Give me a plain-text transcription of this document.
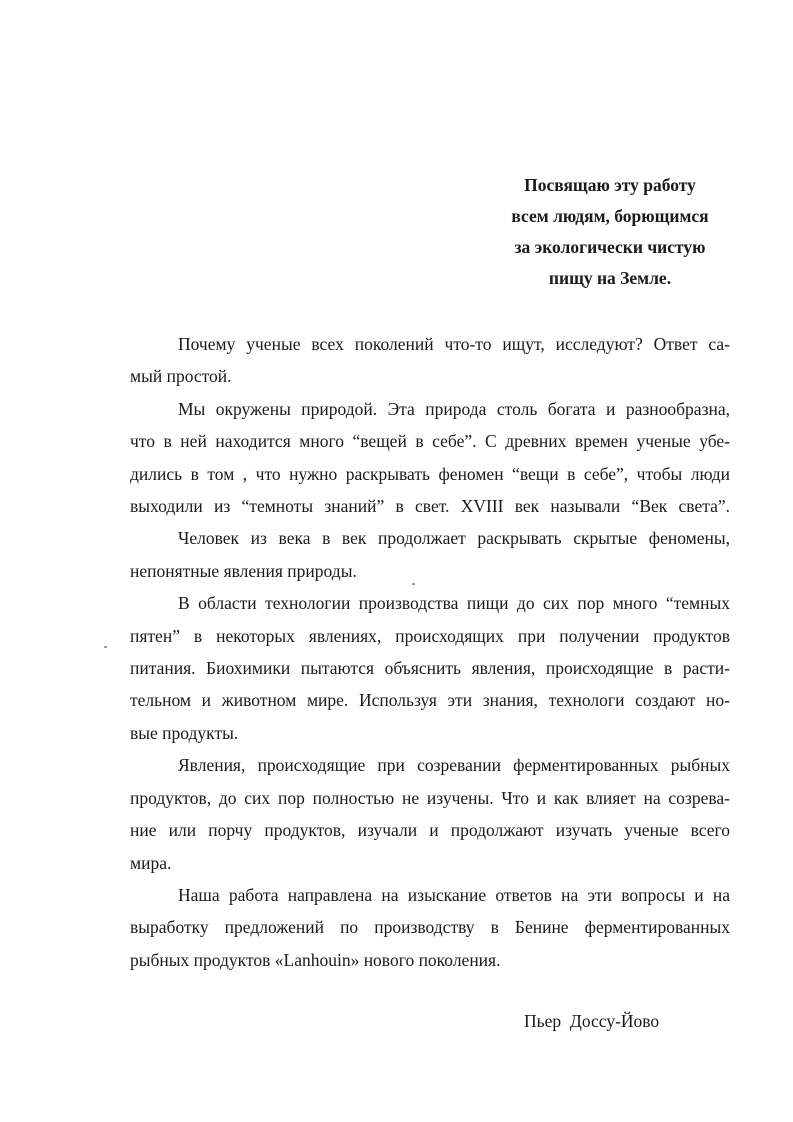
Посвящаю эту работу
всем людям, борющимся
за экологически чистую
пищу на Земле.

Почему ученые всех поколений что-то ищут, исследуют? Ответ са-
мый простой.

Мы окружены природой. Эта природа столь богата и разнообразна,
что в ней находится много “вещей в себе”. С древних времен ученые убе-
дились в том , что нужно раскрывать феномен “вещи в себе”, чтобы люди
выходили из “темноты знаний” в свет. XVIII век называли “Век света”.

Человек из века в век продолжает раскрывать скрытые феномены,
непонятные явления природы.

В области технологии производства пищи до сих пор много “темных
пятен” в некоторых явлениях, происходящих при получении продуктов
питания. Биохимики пытаются объяснить явления, происходящие в расти-
тельном и животном мире. Используя эти знания, технологи создают но-
вые продукты.

Явления, происходящие при созревании ферментированных рыбных
продуктов, до сих пор полностью не изучены. Что и как влияет на созрева-
ние или порчу продуктов, изучали и продолжают изучать ученые всего
мира.

Наша работа направлена на изыскание ответов на эти вопросы и на
выработку предложений по производству в Бенине ферментированных
рыбных продуктов «Lanhouin» нового поколения.

Пьер  Доссу-Йово
